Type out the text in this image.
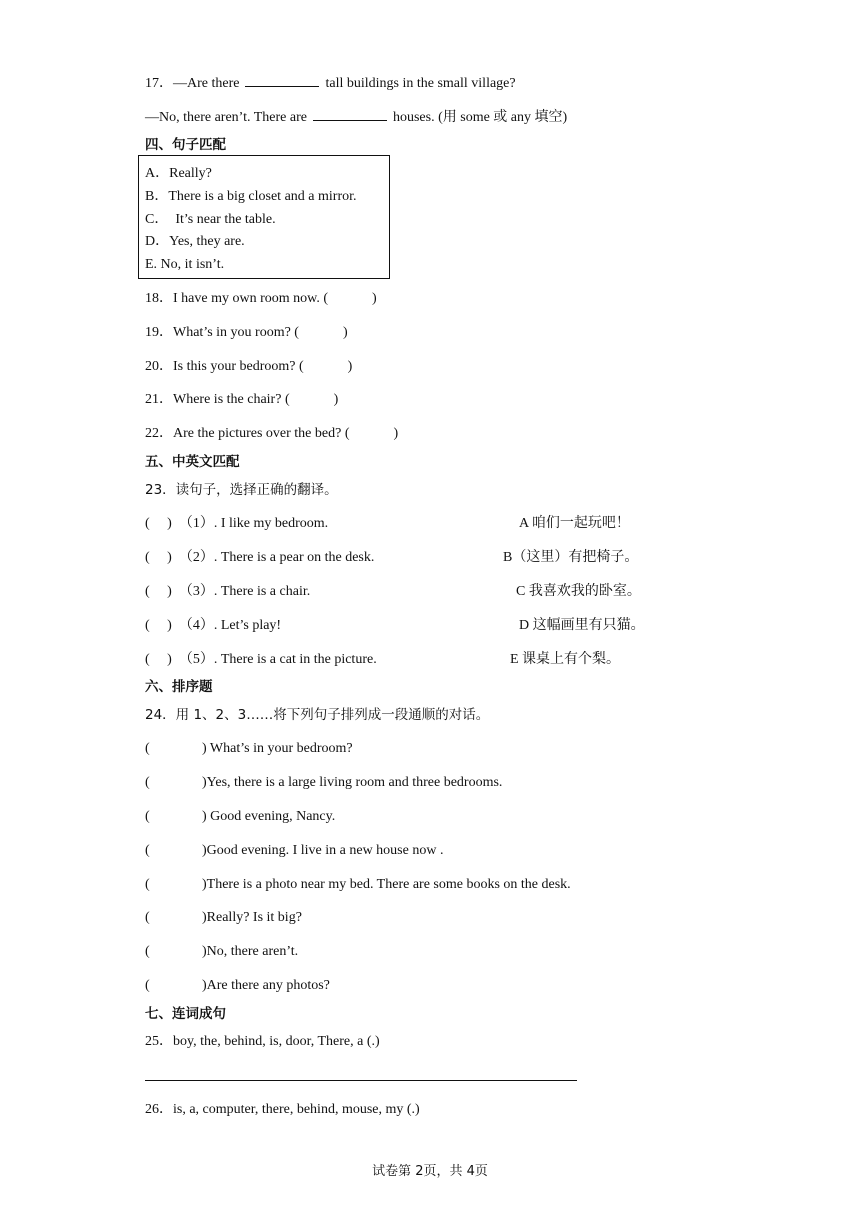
17．—Are there	tall buildings in the small village?
—No, there aren’t. There are	houses. (用 some 或 any 填空)
四、句子匹配
A．Really?
B．There is a big closet and a mirror.
C．  It’s near the table.
D．Yes, they are.
E. No, it isn’t.
18．I have my own room now. (	)
19．What’s in you room? (	)
20．Is this your bedroom? (	)
21．Where is the chair? (	)
22．Are the pictures over the bed? (	)
五、中英文匹配
23．读句子，选择正确的翻译。
(     )  （1）. I like my bedroom.	A 咱们一起玩吧！
(     )  （2）. There is a pear on the desk.	B（这里）有把椅子。
(     )  （3）. There is a chair.	C 我喜欢我的卧室。
(     )  （4）. Let’s play!	D 这幅画里有只猫。
(     )  （5）. There is a cat in the picture.	E 课桌上有个梨。
六、排序题
24．用 1、2、3……将下列句子排列成一段通顺的对话。
(	) What’s in your bedroom?
(	)Yes, there is a large living room and three bedrooms.
(	) Good evening, Nancy.
(	)Good evening. I live in a new house now .
(	)There is a photo near my bed. There are some books on the desk.
(	)Really? Is it big?
(	)No, there aren’t.
(	)Are there any photos?
七、连词成句
25．boy, the, behind, is, door, There, a (.)
26．is, a, computer, there, behind, mouse, my (.)
试卷第 2页，共 4页
